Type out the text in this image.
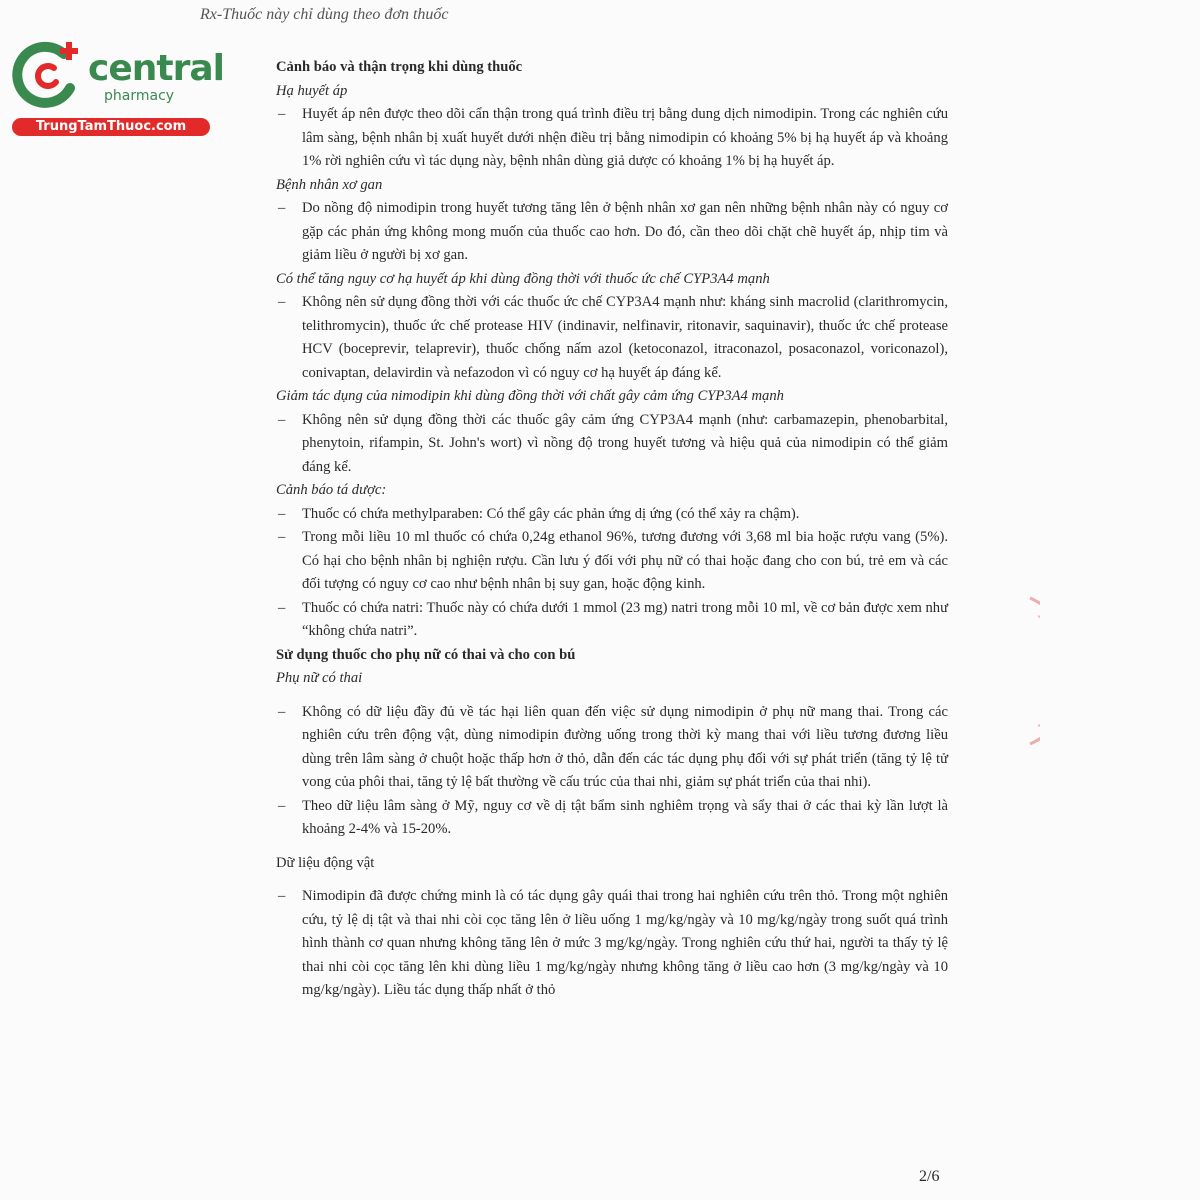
Rx-Thuốc này chỉ dùng theo đơn thuốc
central
pharmacy
TrungTamThuoc.com

Cảnh báo và thận trọng khi dùng thuốc

Hạ huyết áp

– Huyết áp nên được theo dõi cẩn thận trong quá trình điều trị bằng dung dịch nimodipin. Trong các nghiên cứu lâm sàng, bệnh nhân bị xuất huyết dưới nhện điều trị bằng nimodipin có khoảng 5% bị hạ huyết áp và khoảng 1% rời nghiên cứu vì tác dụng này, bệnh nhân dùng giả dược có khoảng 1% bị hạ huyết áp.

Bệnh nhân xơ gan

– Do nồng độ nimodipin trong huyết tương tăng lên ở bệnh nhân xơ gan nên những bệnh nhân này có nguy cơ gặp các phản ứng không mong muốn của thuốc cao hơn. Do đó, cần theo dõi chặt chẽ huyết áp, nhịp tim và giảm liều ở người bị xơ gan.

Có thể tăng nguy cơ hạ huyết áp khi dùng đồng thời với thuốc ức chế CYP3A4 mạnh

– Không nên sử dụng đồng thời với các thuốc ức chế CYP3A4 mạnh như: kháng sinh macrolid (clarithromycin, telithromycin), thuốc ức chế protease HIV (indinavir, nelfinavir, ritonavir, saquinavir), thuốc ức chế protease HCV (boceprevir, telaprevir), thuốc chống nấm azol (ketoconazol, itraconazol, posaconazol, voriconazol), conivaptan, delavirdin và nefazodon vì có nguy cơ hạ huyết áp đáng kể.

Giảm tác dụng của nimodipin khi dùng đồng thời với chất gây cảm ứng CYP3A4 mạnh

– Không nên sử dụng đồng thời các thuốc gây cảm ứng CYP3A4 mạnh (như: carbamazepin, phenobarbital, phenytoin, rifampin, St. John's wort) vì nồng độ trong huyết tương và hiệu quả của nimodipin có thể giảm đáng kể.

Cảnh báo tá dược:

– Thuốc có chứa methylparaben: Có thể gây các phản ứng dị ứng (có thể xảy ra chậm).

– Trong mỗi liều 10 ml thuốc có chứa 0,24g ethanol 96%, tương đương với 3,68 ml bia hoặc rượu vang (5%). Có hại cho bệnh nhân bị nghiện rượu. Cần lưu ý đối với phụ nữ có thai hoặc đang cho con bú, trẻ em và các đối tượng có nguy cơ cao như bệnh nhân bị suy gan, hoặc động kinh.

– Thuốc có chứa natri: Thuốc này có chứa dưới 1 mmol (23 mg) natri trong mỗi 10 ml, về cơ bản được xem như “không chứa natri”.

Sử dụng thuốc cho phụ nữ có thai và cho con bú

Phụ nữ có thai

– Không có dữ liệu đầy đủ về tác hại liên quan đến việc sử dụng nimodipin ở phụ nữ mang thai. Trong các nghiên cứu trên động vật, dùng nimodipin đường uống trong thời kỳ mang thai với liều tương đương liều dùng trên lâm sàng ở chuột hoặc thấp hơn ở thỏ, dẫn đến các tác dụng phụ đối với sự phát triển (tăng tỷ lệ tử vong của phôi thai, tăng tỷ lệ bất thường về cấu trúc của thai nhi, giảm sự phát triển của thai nhi).

– Theo dữ liệu lâm sàng ở Mỹ, nguy cơ về dị tật bẩm sinh nghiêm trọng và sẩy thai ở các thai kỳ lần lượt là khoảng 2-4% và 15-20%.

Dữ liệu động vật

– Nimodipin đã được chứng minh là có tác dụng gây quái thai trong hai nghiên cứu trên thỏ. Trong một nghiên cứu, tỷ lệ dị tật và thai nhi còi cọc tăng lên ở liều uống 1 mg/kg/ngày và 10 mg/kg/ngày trong suốt quá trình hình thành cơ quan nhưng không tăng lên ở mức 3 mg/kg/ngày. Trong nghiên cứu thứ hai, người ta thấy tỷ lệ thai nhi còi cọc tăng lên khi dùng liều 1 mg/kg/ngày nhưng không tăng ở liều cao hơn (3 mg/kg/ngày và 10 mg/kg/ngày). Liều tác dụng thấp nhất ở thỏ

2/6
